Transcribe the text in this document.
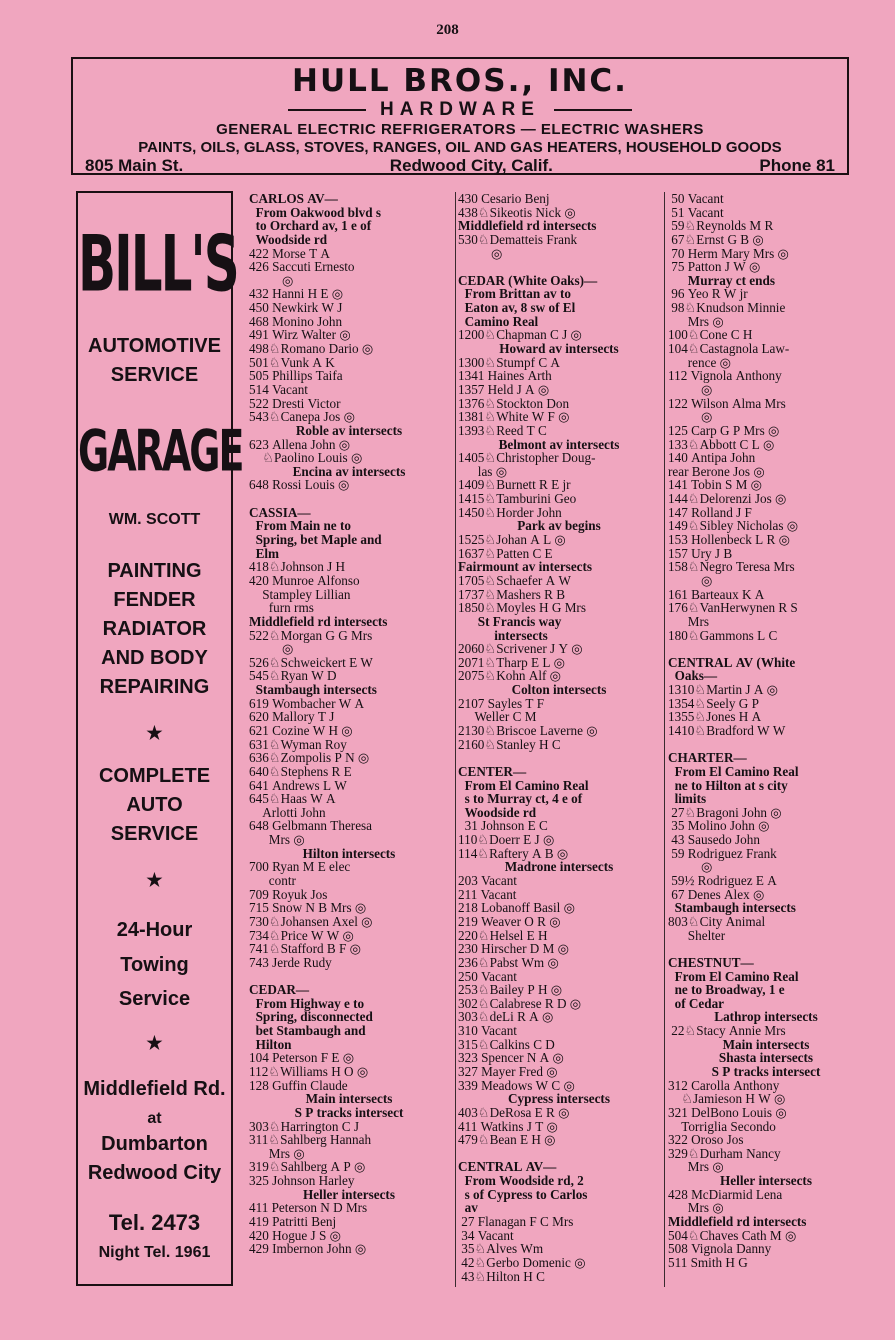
208
HULL BROS., INC.
HARDWARE
GENERAL ELECTRIC REFRIGERATORS — ELECTRIC WASHERS
PAINTS, OILS, GLASS, STOVES, RANGES, OIL AND GAS HEATERS, HOUSEHOLD GOODS
805 Main St.	Redwood City, Calif.	Phone 81
BILL'S
AUTOMOTIVE
SERVICE
GARAGE
WM. SCOTT
PAINTING
FENDER
RADIATOR
AND BODY
REPAIRING
★
COMPLETE
AUTO
SERVICE
★
24-Hour
Towing
Service
★
Middlefield Rd.
at
Dumbarton
Redwood City
Tel. 2473
Night Tel. 1961
CARLOS AV—
From Oakwood blvd s
to Orchard av, 1 e of
Woodside rd
422 Morse T A
426 Saccuti Ernesto
◎
432 Hanni H E ◎
450 Newkirk W J
468 Monino John
491 Wirz Walter ◎
498♘Romano Dario ◎
501♘Vunk A K
505 Phillips Taifa
514 Vacant
522 Dresti Victor
543♘Canepa Jos ◎
Roble av intersects
623 Allena John ◎
♘Paolino Louis ◎
Encina av intersects
648 Rossi Louis ◎
CASSIA—
From Main ne to
Spring, bet Maple and
Elm
418♘Johnson J H
420 Munroe Alfonso
Stampley Lillian
furn rms
Middlefield rd intersects
522♘Morgan G G Mrs
◎
526♘Schweickert E W
545♘Ryan W D
Stambaugh intersects
619 Wombacher W A
620 Mallory T J
621 Cozine W H ◎
631♘Wyman Roy
636♘Zompolis P N ◎
640♘Stephens R E
641 Andrews L W
645♘Haas W A
Arlotti John
648 Gelbmann Theresa
Mrs ◎
Hilton intersects
700 Ryan M E elec
contr
709 Royuk Jos
715 Snow N B Mrs ◎
730♘Johansen Axel ◎
734♘Price W W ◎
741♘Stafford B F ◎
743 Jerde Rudy
CEDAR—
From Highway e to
Spring, disconnected
bet Stambaugh and
Hilton
104 Peterson F E ◎
112♘Williams H O ◎
128 Guffin Claude
Main intersects
S P tracks intersect
303♘Harrington C J
311♘Sahlberg Hannah
Mrs ◎
319♘Sahlberg A P ◎
325 Johnson Harley
Heller intersects
411 Peterson N D Mrs
419 Patritti Benj
420 Hogue J S ◎
429 Imbernon John ◎
430 Cesario Benj
438♘Sikeotis Nick ◎
Middlefield rd intersects
530♘Dematteis Frank
◎
CEDAR (White Oaks)—
From Brittan av to
Eaton av, 8 sw of El
Camino Real
1200♘Chapman C J ◎
Howard av intersects
1300♘Stumpf C A
1341 Haines Arth
1357 Held J A ◎
1376♘Stockton Don
1381♘White W F ◎
1393♘Reed T C
Belmont av intersects
1405♘Christopher Doug-
las ◎
1409♘Burnett R E jr
1415♘Tamburini Geo
1450♘Horder John
Park av begins
1525♘Johan A L ◎
1637♘Patten C E
Fairmount av intersects
1705♘Schaefer A W
1737♘Mashers R B
1850♘Moyles H G Mrs
St Francis way
intersects
2060♘Scrivener J Y ◎
2071♘Tharp E L ◎
2075♘Kohn Alf ◎
Colton intersects
2107 Sayles T F
Weller C M
2130♘Briscoe Laverne ◎
2160♘Stanley H C
CENTER—
From El Camino Real
s to Murray ct, 4 e of
Woodside rd
31 Johnson E C
110♘Doerr E J ◎
114♘Raftery A B ◎
Madrone intersects
203 Vacant
211 Vacant
218 Lobanoff Basil ◎
219 Weaver O R ◎
220♘Helsel E H
230 Hirscher D M ◎
236♘Pabst Wm ◎
250 Vacant
253♘Bailey P H ◎
302♘Calabrese R D ◎
303♘deLi R A ◎
310 Vacant
315♘Calkins C D
323 Spencer N A ◎
327 Mayer Fred ◎
339 Meadows W C ◎
Cypress intersects
403♘DeRosa E R ◎
411 Watkins J T ◎
479♘Bean E H ◎
CENTRAL AV—
From Woodside rd, 2
s of Cypress to Carlos
av
27 Flanagan F C Mrs
34 Vacant
35♘Alves Wm
42♘Gerbo Domenic ◎
43♘Hilton H C
50 Vacant
51 Vacant
59♘Reynolds M R
67♘Ernst G B ◎
70 Herm Mary Mrs ◎
75 Patton J W ◎
Murray ct ends
96 Yeo R W jr
98♘Knudson Minnie
Mrs ◎
100♘Cone C H
104♘Castagnola Law-
rence ◎
112 Vignola Anthony
◎
122 Wilson Alma Mrs
◎
125 Carp G P Mrs ◎
133♘Abbott C L ◎
140 Antipa John
rear Berone Jos ◎
141 Tobin S M ◎
144♘Delorenzi Jos ◎
147 Rolland J F
149♘Sibley Nicholas ◎
153 Hollenbeck L R ◎
157 Ury J B
158♘Negro Teresa Mrs
◎
161 Barteaux K A
176♘VanHerwynen R S
Mrs
180♘Gammons L C
CENTRAL AV (White
Oaks—
1310♘Martin J A ◎
1354♘Seely G P
1355♘Jones H A
1410♘Bradford W W
CHARTER—
From El Camino Real
ne to Hilton at s city
limits
27♘Bragoni John ◎
35 Molino John ◎
43 Sausedo John
59 Rodriguez Frank
◎
59½ Rodriguez E A
67 Denes Alex ◎
Stambaugh intersects
803♘City Animal
Shelter
CHESTNUT—
From El Camino Real
ne to Broadway, 1 e
of Cedar
Lathrop intersects
22♘Stacy Annie Mrs
Main intersects
Shasta intersects
S P tracks intersect
312 Carolla Anthony
♘Jamieson H W ◎
321 DelBono Louis ◎
Torriglia Secondo
322 Oroso Jos
329♘Durham Nancy
Mrs ◎
Heller intersects
428 McDiarmid Lena
Mrs ◎
Middlefield rd intersects
504♘Chaves Cath M ◎
508 Vignola Danny
511 Smith H G
